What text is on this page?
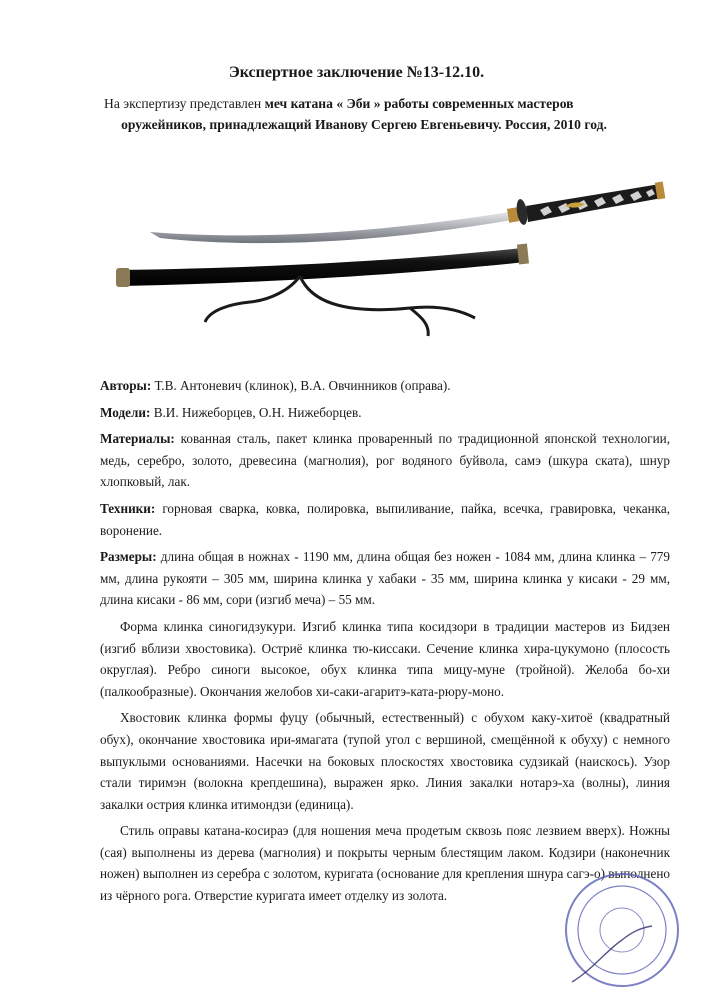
Экспертное заключение №13-12.10.
На экспертизу представлен меч катана « Эби » работы современных мастеров
оружейников, принадлежащий Иванову Сергею Евгеньевичу. Россия, 2010 год.

Авторы: Т.В. Антоневич (клинок), В.А. Овчинников (оправа).

Модели: В.И. Нижеборцев, О.Н. Нижеборцев.

Материалы: кованная сталь, пакет клинка проваренный по традиционной японской технологии, медь, серебро, золото, древесина (магнолия), рог водяного буйвола, самэ (шкура ската), шнур хлопковый, лак.

Техники: горновая сварка, ковка, полировка, выпиливание, пайка, всечка, гравировка, чеканка, воронение.

Размеры: длина общая в ножнах - 1190 мм, длина общая без ножен - 1084 мм, длина клинка – 779 мм, длина рукояти – 305 мм, ширина клинка у хабаки - 35 мм, ширина клинка у кисаки - 29 мм, длина кисаки - 86 мм, сори (изгиб меча) – 55 мм.

Форма клинка синогидзукури. Изгиб клинка типа косидзори в традиции мастеров из Бидзен (изгиб вблизи хвостовика). Остриё клинка тю-киссаки. Сечение клинка хира-цукумоно (плосость округлая). Ребро синоги высокое, обух клинка типа мицу-муне (тройной). Желоба бо-хи (палкообразные). Окончания желобов хи-саки-агаритэ-ката-рюру-моно.

Хвостовик клинка формы фуцу (обычный, естественный) с обухом каку-хитоё (квадратный обух), окончание хвостовика ири-ямагата (тупой угол с вершиной, смещённой к обуху) с немного выпуклыми основаниями. Насечки на боковых плоскостях хвостовика судзикай (наискось). Узор стали тиримэн (волокна крепдешина), выражен ярко. Линия закалки нотарэ-ха (волны), линия закалки острия клинка итимондзи (единица).

Стиль оправы катана-косираэ (для ношения меча продетым сквозь пояс лезвием вверх). Ножны (сая) выполнены из дерева (магнолия) и покрыты черным блестящим лаком. Кодзири (наконечник ножен) выполнен из серебра с золотом, куригата (основание для крепления шнура сагэ-о) выполнено из чёрного рога. Отверстие куригата имеет отделку из золота.
